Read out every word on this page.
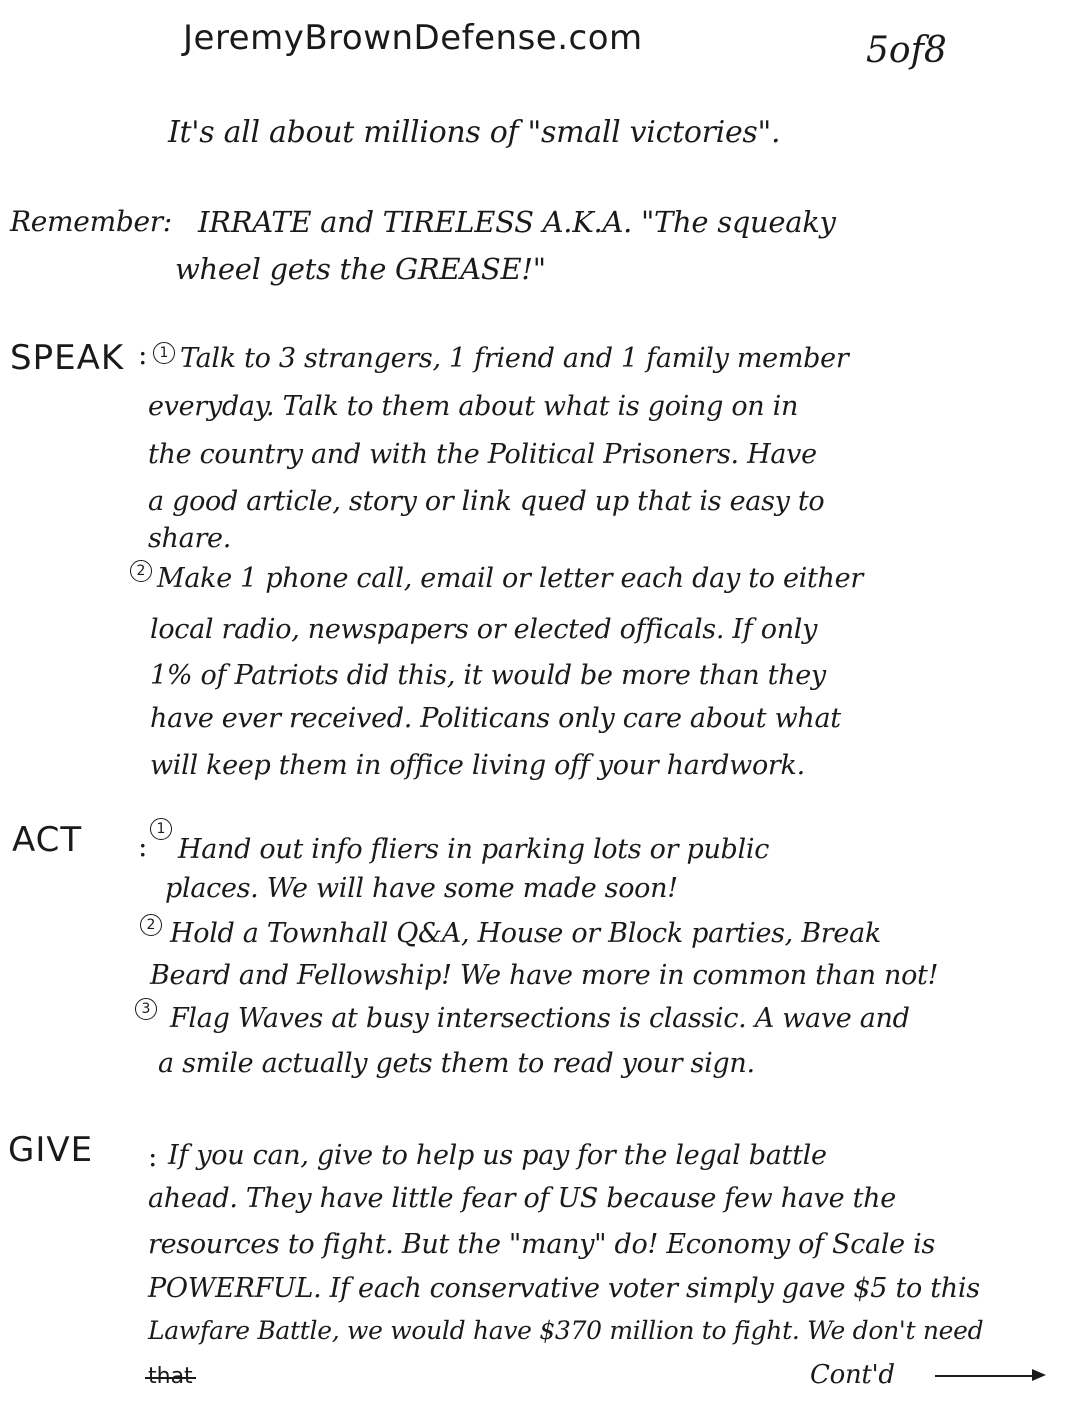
JeremyBrownDefense.com	5of8
It's all about millions of "small victories".
Remember: IRRATE and TIRELESS A.K.A. "The squeaky
wheel gets the GREASE!"
SPEAK : 1 Talk to 3 strangers, 1 friend and 1 family member
everyday. Talk to them about what is going on in
the country and with the Political Prisoners. Have
a good article, story or link qued up that is easy to
share.
2 Make 1 phone call, email or letter each day to either
local radio, newspapers or elected officals. If only
1% of Patriots did this, it would be more than they
have ever received. Politicans only care about what
will keep them in office living off your hardwork.
ACT :
1
Hand out info fliers in parking lots or public
places. We will have some made soon!
2 Hold a Townhall Q&A, House or Block parties, Break
Beard and Fellowship! We have more in common than not!
3 Flag Waves at busy intersections is classic. A wave and
a smile actually gets them to read your sign.
GIVE : If you can, give to help us pay for the legal battle
ahead. They have little fear of US because few have the
resources to fight. But the "many" do! Economy of Scale is
POWERFUL. If each conservative voter simply gave $5 to this
Lawfare Battle, we would have $370 million to fight. We don't need
that	Cont'd
